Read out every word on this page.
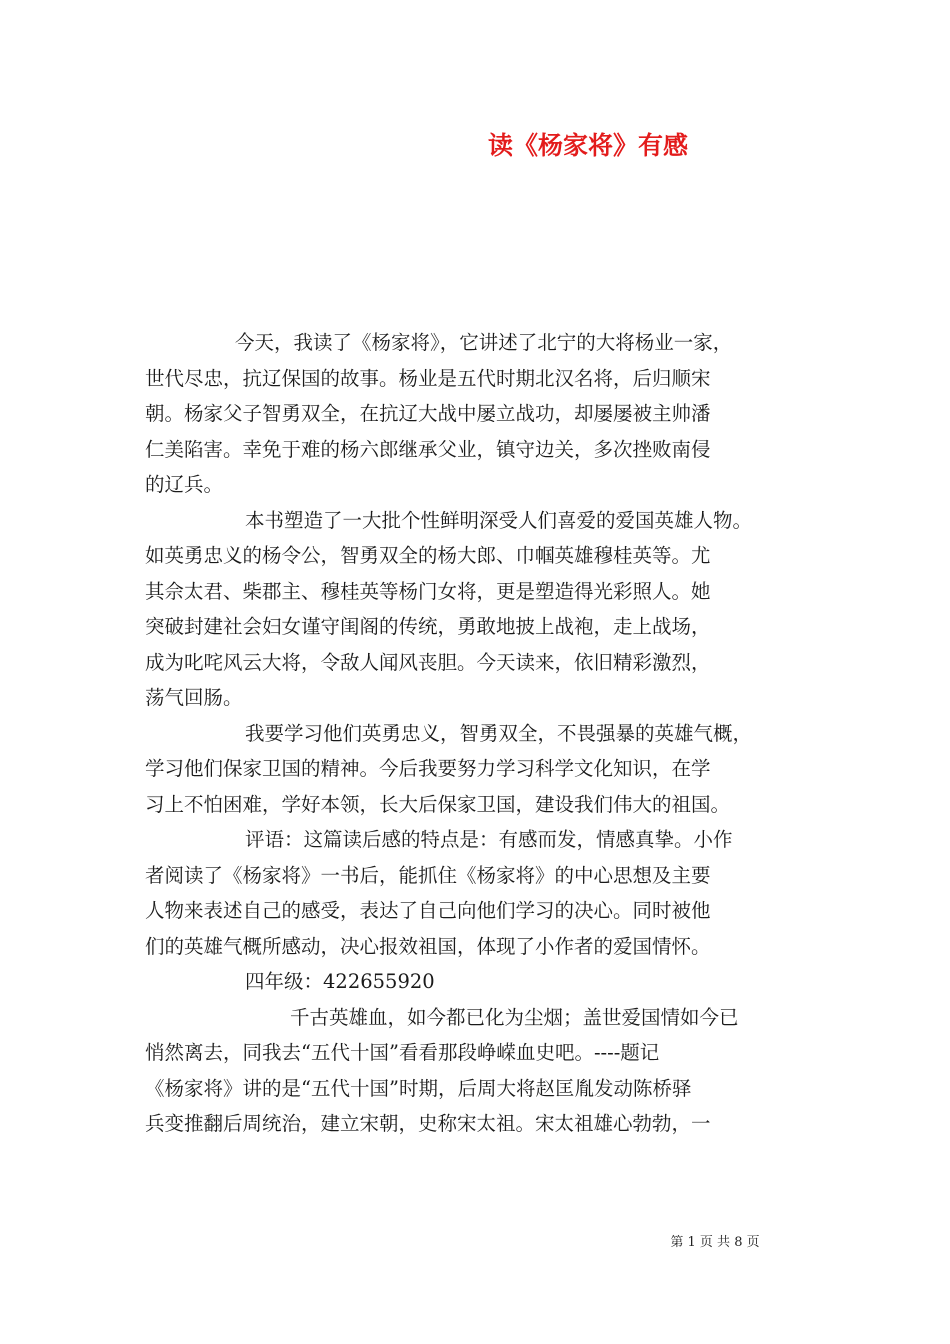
读《杨家将》有感

今天，我读了《杨家将》，它讲述了北宁的大将杨业一家，
世代尽忠，抗辽保国的故事。杨业是五代时期北汉名将，后归顺宋
朝。杨家父子智勇双全，在抗辽大战中屡立战功，却屡屡被主帅潘
仁美陷害。幸免于难的杨六郎继承父业，镇守边关，多次挫败南侵
的辽兵。

本书塑造了一大批个性鲜明深受人们喜爱的爱国英雄人物。
如英勇忠义的杨令公，智勇双全的杨大郎、巾帼英雄穆桂英等。尤
其佘太君、柴郡主、穆桂英等杨门女将，更是塑造得光彩照人。她
突破封建社会妇女谨守闺阁的传统，勇敢地披上战袍，走上战场，
成为叱咤风云大将，令敌人闻风丧胆。今天读来，依旧精彩激烈，
荡气回肠。

我要学习他们英勇忠义，智勇双全，不畏强暴的英雄气概，
学习他们保家卫国的精神。今后我要努力学习科学文化知识，在学
习上不怕困难，学好本领，长大后保家卫国，建设我们伟大的祖国。

评语：这篇读后感的特点是：有感而发，情感真挚。小作
者阅读了《杨家将》一书后，能抓住《杨家将》的中心思想及主要
人物来表述自己的感受，表达了自己向他们学习的决心。同时被他
们的英雄气概所感动，决心报效祖国，体现了小作者的爱国情怀。

四年级：422655920

千古英雄血，如今都已化为尘烟；盖世爱国情如今已
悄然离去，同我去“五代十国”看看那段峥嵘血史吧。----题记
《杨家将》讲的是“五代十国”时期，后周大将赵匡胤发动陈桥驿
兵变推翻后周统治，建立宋朝，史称宋太祖。宋太祖雄心勃勃，一

第 1 页 共 8 页
